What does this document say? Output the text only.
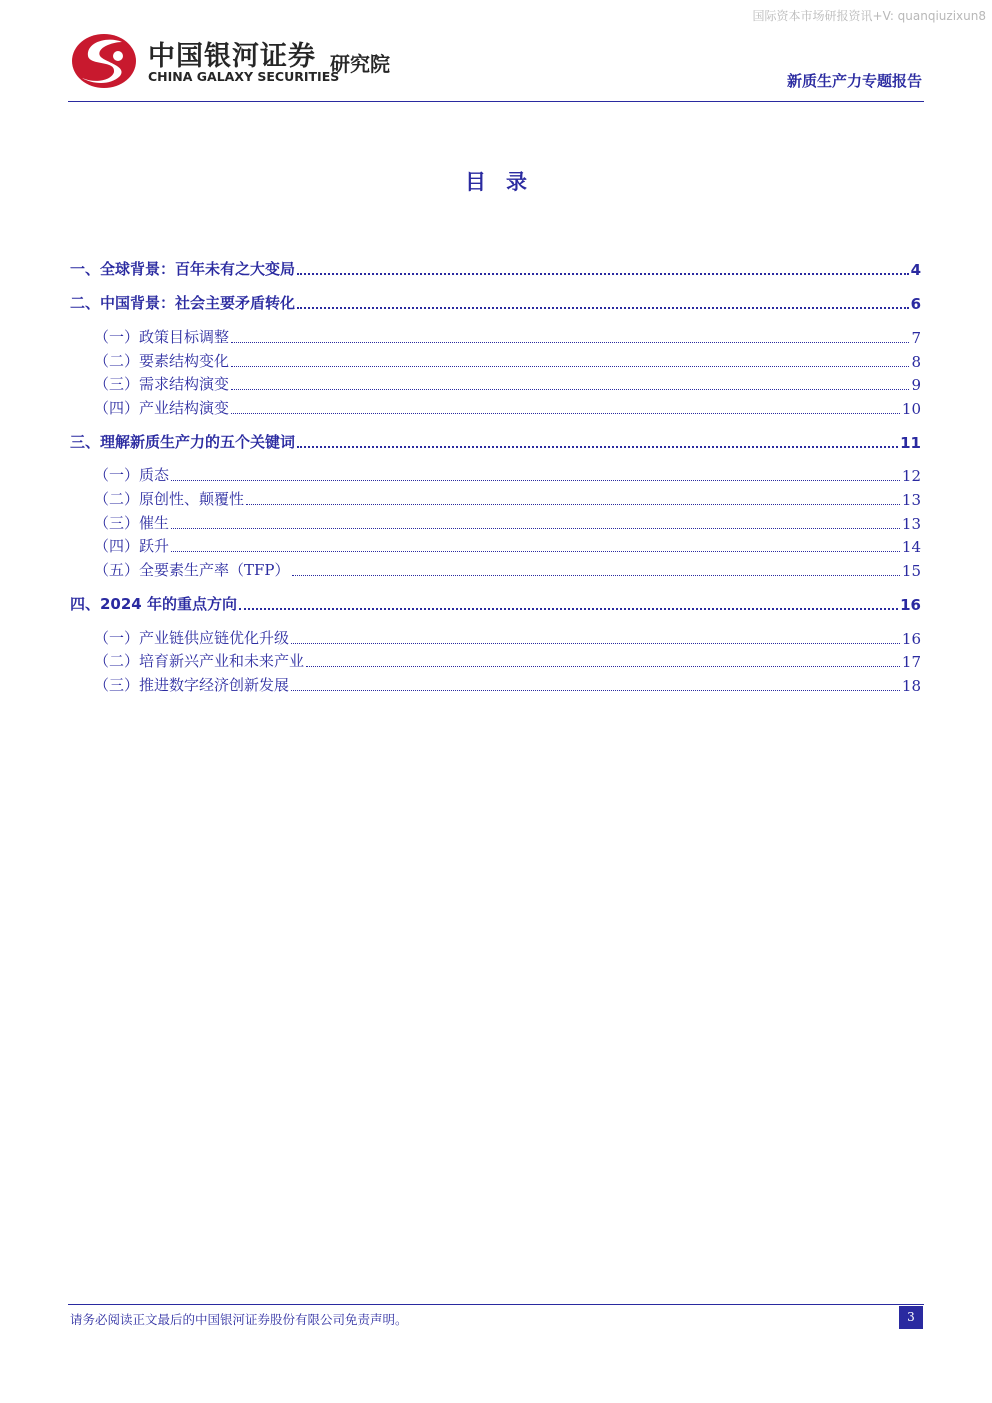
国际资本市场研报资讯+V: quanqiuzixun8
中国银河证券
CHINA GALAXY SECURITIES
研究院
新质生产力专题报告
目录
一、全球背景：百年未有之大变局	4
二、中国背景：社会主要矛盾转化	6
（一）政策目标调整	7
（二）要素结构变化	8
（三）需求结构演变	9
（四）产业结构演变	10
三、理解新质生产力的五个关键词	11
（一）质态	12
（二）原创性、颠覆性	13
（三）催生	13
（四）跃升	14
（五）全要素生产率（TFP）	15
四、2024 年的重点方向	16
（一）产业链供应链优化升级	16
（二）培育新兴产业和未来产业	17
（三）推进数字经济创新发展	18
请务必阅读正文最后的中国银河证券股份有限公司免责声明。	3
